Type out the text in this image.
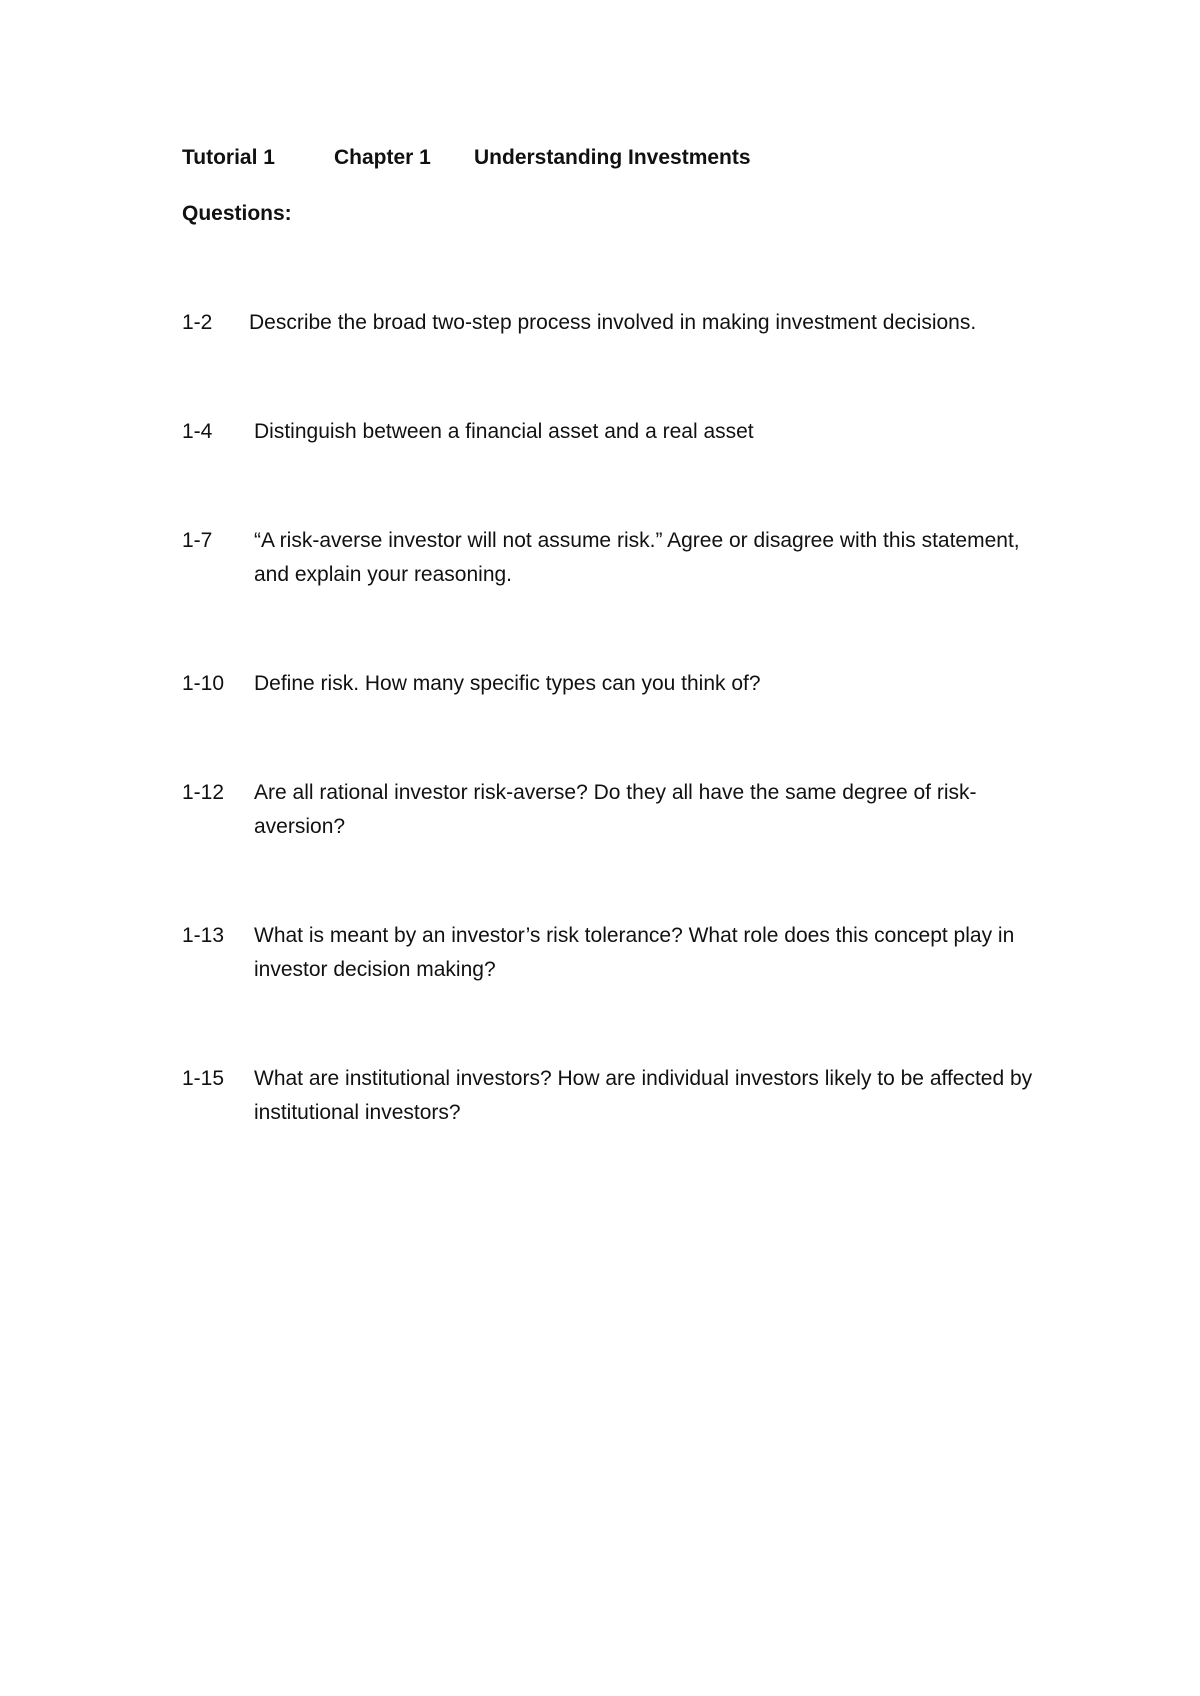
Tutorial 1	Chapter 1 Understanding Investments
Questions:
1-2 Describe the broad two-step process involved in making investment decisions.
1-4 Distinguish between a financial asset and a real asset
1-7 “A risk-averse investor will not assume risk.” Agree or disagree with this statement, and explain your reasoning.
1-10 Define risk. How many specific types can you think of?
1-12 Are all rational investor risk-averse? Do they all have the same degree of risk-aversion?
1-13 What is meant by an investor’s risk tolerance? What role does this concept play in investor decision making?
1-15 What are institutional investors? How are individual investors likely to be affected by institutional investors?
